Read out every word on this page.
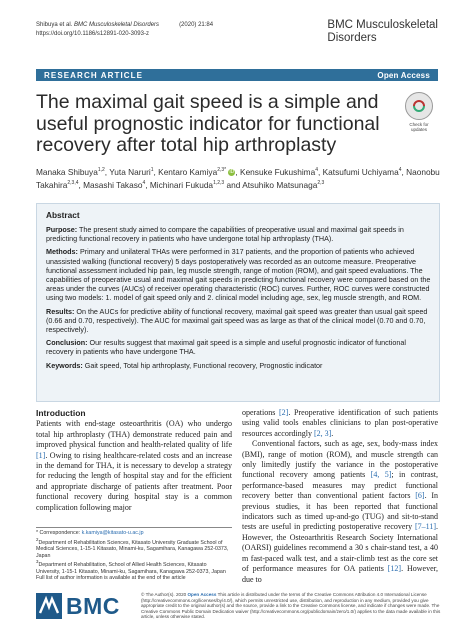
Shibuya et al.
BMC Musculoskeletal Disorders	(2020) 21:84
https://doi.org/10.1186/s12891-020-3093-z
BMC Musculoskeletal
Disorders
RESEARCH ARTICLE	Open Access
The maximal gait speed is a simple and useful prognostic indicator for functional recovery after total hip arthroplasty
Check for
updates
Manaka Shibuya$^{1,2}$, Yuta Naruri$^1$, Kentaro Kamiya$^{2,3*}$ iD, Kensuke Fukushima$^4$, Katsufumi Uchiyama$^4$, Naonobu Takahira$^{2,3,4}$, Masashi Takaso$^4$, Michinari Fukuda$^{1,2,3}$ and Atsuhiko Matsunaga$^{2,3}$
Abstract

Purpose: The present study aimed to compare the capabilities of preoperative usual and maximal gait speeds in predicting functional recovery in patients who have undergone total hip arthroplasty (THA).

Methods: Primary and unilateral THAs were performed in 317 patients, and the proportion of patients who achieved unassisted walking (functional recovery) 5 days postoperatively was recorded as an outcome measure. Preoperative functional assessment included hip pain, leg muscle strength, range of motion (ROM), and gait speed evaluations. The capabilities of preoperative usual and maximal gait speeds in predicting functional recovery were compared based on the areas under the curves (AUCs) of receiver operating characteristic (ROC) curves. Further, ROC curves were constructed using two models: 1. model of gait speed only and 2. clinical model including age, sex, leg muscle strength, and ROM.

Results: On the AUCs for predictive ability of functional recovery, maximal gait speed was greater than usual gait speed (0.66 and 0.70, respectively). The AUC for maximal gait speed was as large as that of the clinical model (0.70 and 0.70, respectively).

Conclusion: Our results suggest that maximal gait speed is a simple and useful prognostic indicator of functional recovery in patients who have undergone THA.

Keywords: Gait speed, Total hip arthroplasty, Functional recovery, Prognostic indicator

Introduction

Patients with end-stage osteoarthritis (OA) who undergo total hip arthroplasty (THA) demonstrate reduced pain and improved physical function and health-related quality of life [1]. Owing to rising healthcare-related costs and an increase in the demand for THA, it is necessary to develop a strategy for reducing the length of hospital stay and for the efficient and appropriate discharge of patients after treatment. Poor functional recovery during hospital stay is a common complication following major

* Correspondence: k.kamiya@kitasato-u.ac.jp
$^2$Department of Rehabilitation Sciences, Kitasato University Graduate School of Medical Sciences, 1-15-1 Kitasato, Minami-ku, Sagamihara, Kanagawa 252-0373, Japan
$^3$Department of Rehabilitation, School of Allied Health Sciences, Kitasato University, 1-15-1 Kitasato, Minami-ku, Sagamihara, Kanagawa 252-0373, Japan
Full list of author information is available at the end of the article

operations [2]. Preoperative identification of such patients using valid tools enables clinicians to plan post-operative resources accordingly [2, 3].

Conventional factors, such as age, sex, body-mass index (BMI), range of motion (ROM), and muscle strength can only limitedly justify the variance in the postoperative functional recovery among patients [4, 5]; in contrast, performance-based measures may predict functional recovery better than conventional patient factors [6]. In previous studies, it has been reported that functional indicators such as timed up-and-go (TUG) and sit-to-stand tests are useful in predicting postoperative recovery [7–11]. However, the Osteoarthritis Research Society International (OARSI) guidelines recommend a 30 s chair-stand test, a 40 m fast-paced walk test, and a stair-climb test as the core set of performance measures for OA patients [12]. However, due to

BMC	© The Author(s). 2020 Open Access This article is distributed under the terms of the Creative Commons Attribution 4.0 International License (http://creativecommons.org/licenses/by/4.0/), which permits unrestricted use, distribution, and reproduction in any medium, provided you give appropriate credit to the original author(s) and the source, provide a link to the Creative Commons license, and indicate if changes were made. The Creative Commons Public Domain Dedication waiver (http://creativecommons.org/publicdomain/zero/1.0/) applies to the data made available in this article, unless otherwise stated.
